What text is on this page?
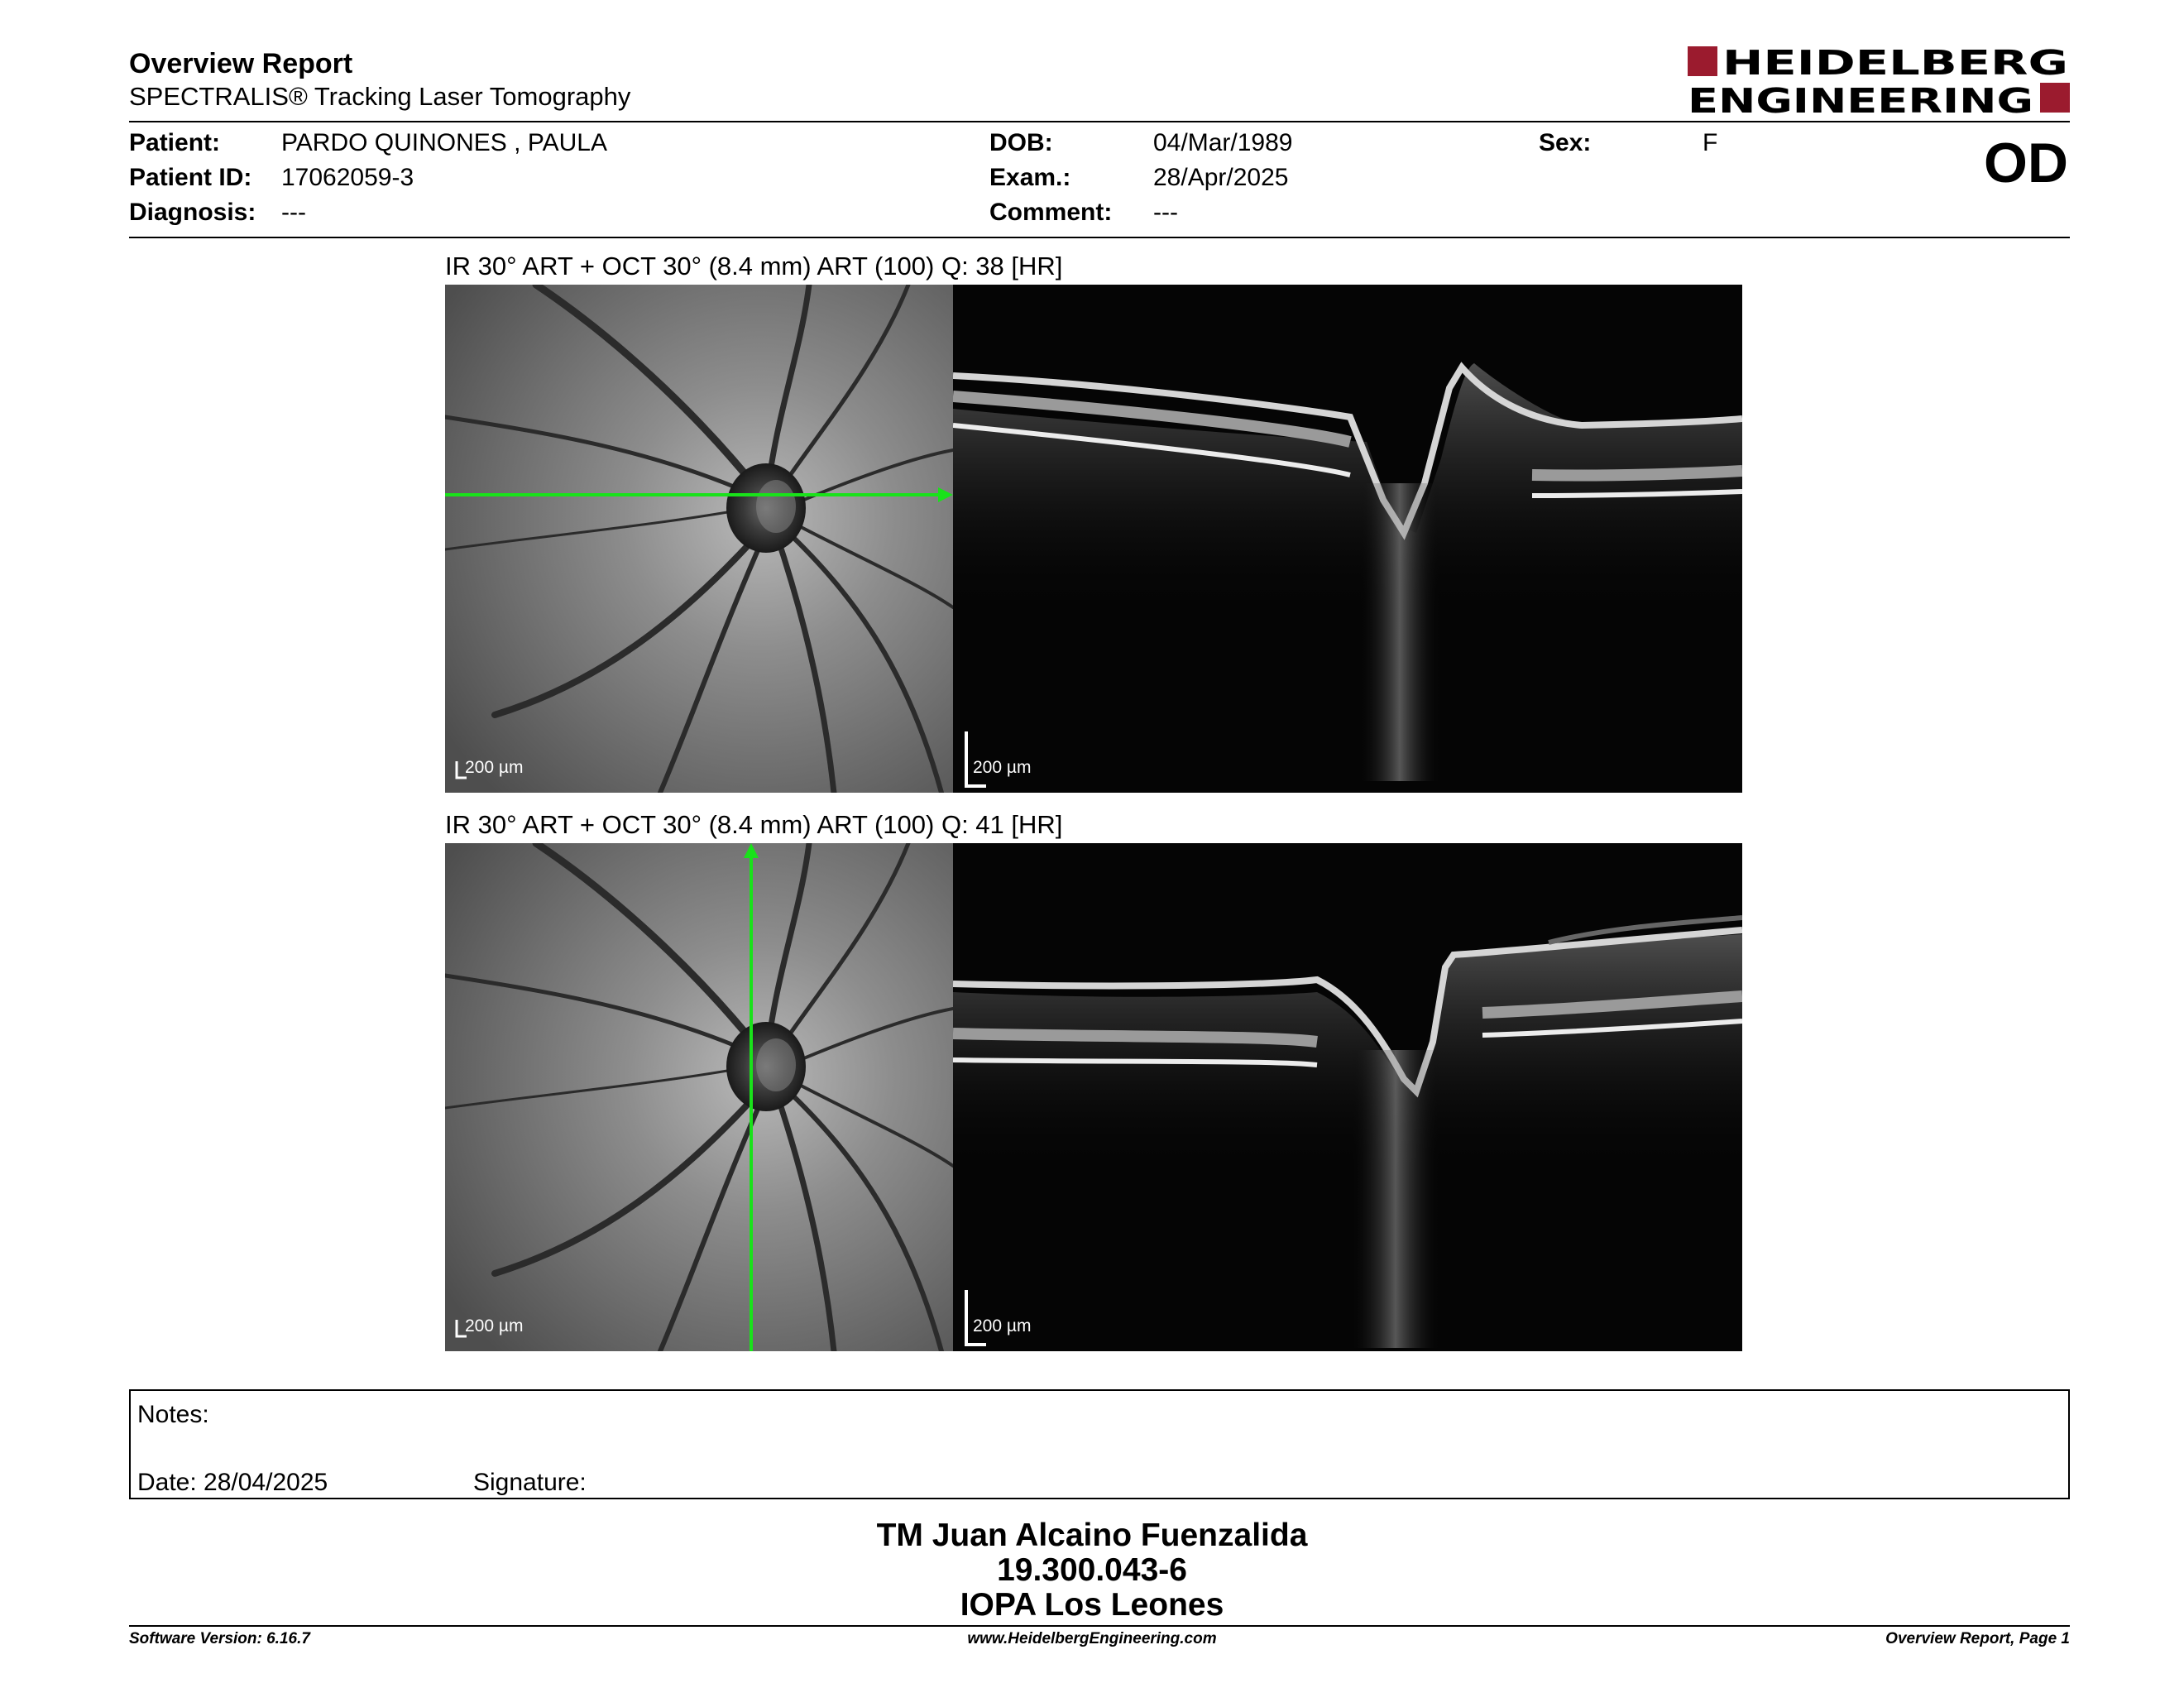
Overview Report
SPECTRALIS® Tracking Laser Tomography
HEIDELBERG
ENGINEERING
Patient: PARDO QUINONES , PAULA
Patient ID: 17062059-3
Diagnosis: ---
DOB:	04/Mar/1989
Exam.:	28/Apr/2025
Comment: ---
Sex:	F	OD
IR 30° ART + OCT 30° (8.4 mm) ART (100) Q: 38 [HR]
200 µm	200 µm
IR 30° ART + OCT 30° (8.4 mm) ART (100) Q: 41 [HR]
200 µm	200 µm
Notes:
Date: 28/04/2025	Signature:
TM Juan Alcaino Fuenzalida
19.300.043-6
IOPA Los Leones
Software Version: 6.16.7	www.HeidelbergEngineering.com	Overview Report, Page 1
